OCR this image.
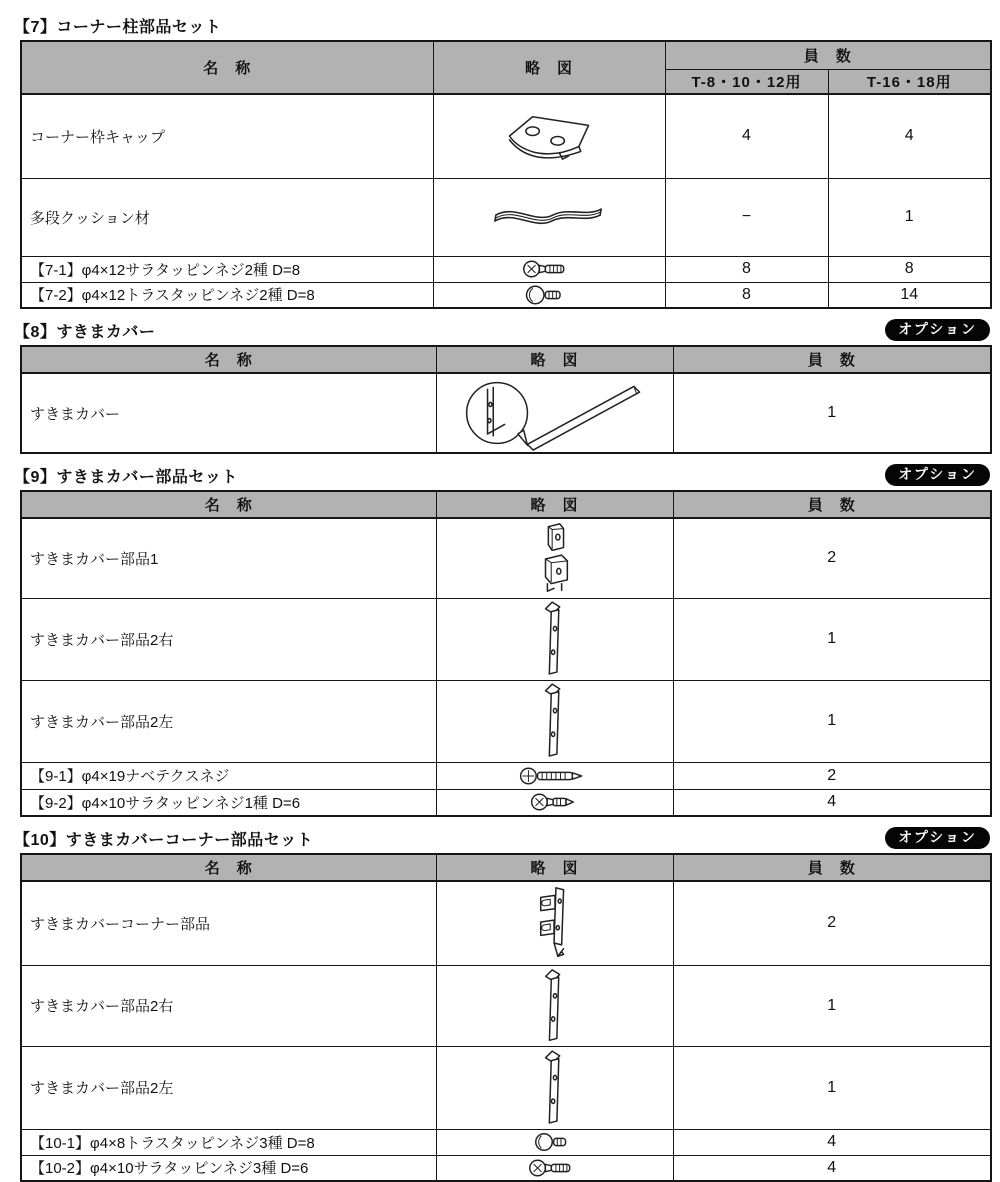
【7】コーナー柱部品セット
名　称	略　図	員　数	
		T-8・10・12用	T-16・18用
コーナー枠キャップ		4	4
多段クッション材		−	1
【7-1】φ4×12サラタッピンネジ2種 D=8		8	8
【7-2】φ4×12トラスタッピンネジ2種 D=8		8	14
【8】すきまカバー	オプション
名　称	略　図	員　数
すきまカバー		1
【9】すきまカバー部品セット	オプション
名　称	略　図	員　数
すきまカバー部品1		2
すきまカバー部品2右		1
すきまカバー部品2左		1
【9-1】φ4×19ナベテクスネジ		2
【9-2】φ4×10サラタッピンネジ1種 D=6		4
【10】すきまカバーコーナー部品セット	オプション
名　称	略　図	員　数
すきまカバーコーナー部品		2
すきまカバー部品2右		1
すきまカバー部品2左		1
【10-1】φ4×8トラスタッピンネジ3種 D=8		4
【10-2】φ4×10サラタッピンネジ3種 D=6		4
